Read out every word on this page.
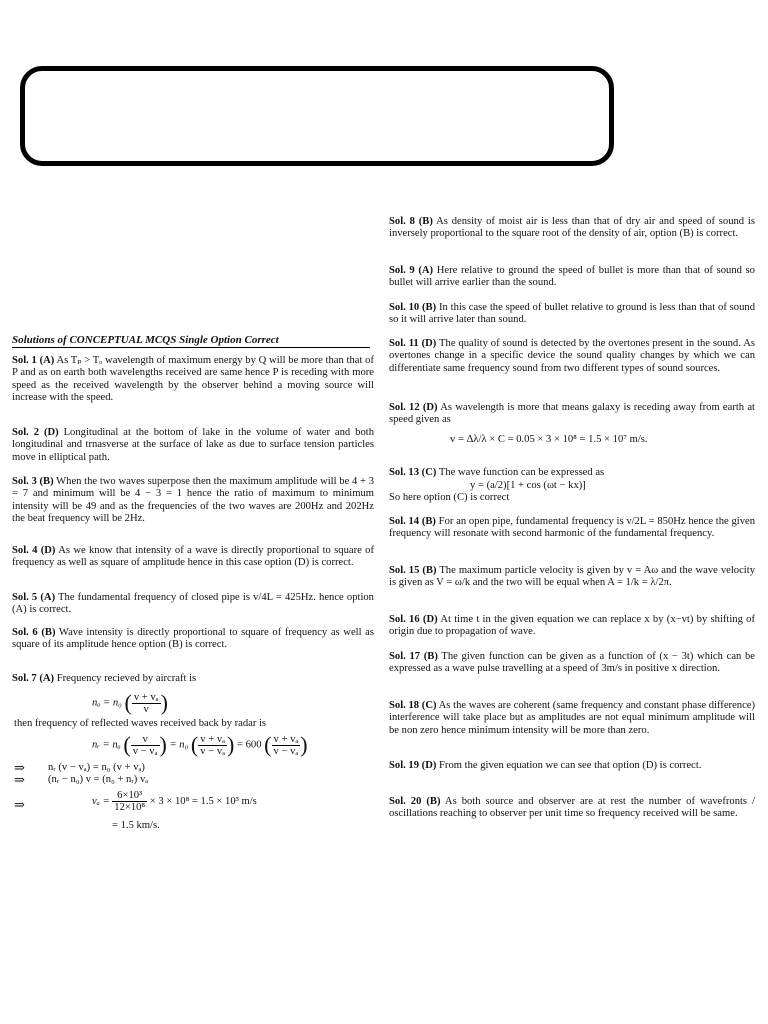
Solutions of CONCEPTUAL MCQS Single Option Correct

Sol. 1 (A) As Tₚ > Tₒ wavelength of maximum energy by Q will be more than that of P and as on earth both wavelengths received are same hence P is receding with more speed as the received wavelength by the observer behind a moving source will increase with the speed.

Sol. 2 (D) Longitudinal at the bottom of lake in the volume of water and both longitudinal and trnasverse at the surface of lake as due to surface tension particles move in elliptical path.

Sol. 3 (B) When the two waves superpose then the maximum amplitude will be 4 + 3 = 7 and minimum will be 4 − 3 = 1 hence the ratio of maximum to minimum intensity will be 49 and as the frequencies of the two waves are 200Hz and 202Hz the beat frequency will be 2Hz.

Sol. 4 (D) As we know that intensity of a wave is directly proportional to square of frequency as well as square of amplitude hence in this case option (D) is correct.

Sol. 5 (A) The fundamental frequency of closed pipe is v/4L = 425Hz. hence option (A) is correct.

Sol. 6 (B) Wave intensity is directly proportional to square of frequency as well as square of its amplitude hence option (B) is correct.

Sol. 7 (A) Frequency recieved by aircraft is

nₐ = n₀ ( $\frac{\text{v + vₐ}}{v}$ )
then frequency of reflected waves received back by radar is
nᵣ = nₐ ( $\frac{v}{\text{v − vₐ}}$ ) = n₀ ( $\frac{\text{v + vₐ}}{\text{v − vₐ}}$ ) = 600 ( $\frac{\text{v + vₐ}}{\text{v − vₐ}}$ )
⇒ nᵣ (v − vₐ) = n₀ (v + vₐ)
⇒ (nᵣ − n₀) v = (n₀ + nᵣ) vₐ
⇒	$v_a = \frac{\text{6×10³}}{\text{12×10⁸}} \times 3 \times 10^8 = 1.5 \times 10^3$ m/s
= 1.5 km/s.

Sol. 8 (B) As density of moist air is less than that of dry air and speed of sound is inversely proportional to the square root of the density of air, option (B) is correct.

Sol. 9 (A) Here relative to ground the speed of bullet is more than that of sound so bullet will arrive earlier than the sound.

Sol. 10 (B) In this case the speed of bullet relative to ground is less than that of sound so it will arrive later than sound.

Sol. 11 (D) The quality of sound is detected by the overtones present in the sound. As overtones change in a specific device the sound quality changes by which we can differentiate same frequency sound from two different types of sound sources.

Sol. 12 (D) As wavelength is more that means galaxy is receding away from earth at speed given as

Sol. 13 (C) The wave function can be expressed as

Sol. 14 (B) For an open pipe, fundamental frequency is v/2L = 850Hz hence the given frequency will resonate with second harmonic of the fundamental frequency.

Sol. 15 (B) The maximum particle velocity is given by v = Aω and the wave velocity is given as V = ω/k and the two will be equal when A = 1/k = λ/2π.

Sol. 16 (D) At time t in the given equation we can replace x by (x−vt) by shifting of origin due to propagation of wave.

Sol. 17 (B) The given function can be given as a function of (x − 3t) which can be expressed as a wave pulse travelling at a speed of 3m/s in positive x direction.

Sol. 18 (C) As the waves are coherent (same frequency and constant phase difference) interference will take place but as amplitudes are not equal minimum amplitude will be non zero hence minimum intensity will be more than zero.

Sol. 19 (D) From the given equation we can see that option (D) is correct.

Sol. 20 (B) As both source and observer are at rest the number of wavefronts / oscillations reaching to observer per unit time so frequency received will be same.

v = Δλ/λ × C = 0.05 × 3 × 10⁸ = 1.5 × 10⁷ m/s.
y = (a/2)[1 + cos (ωt − kx)]
So here option (C) is correct
